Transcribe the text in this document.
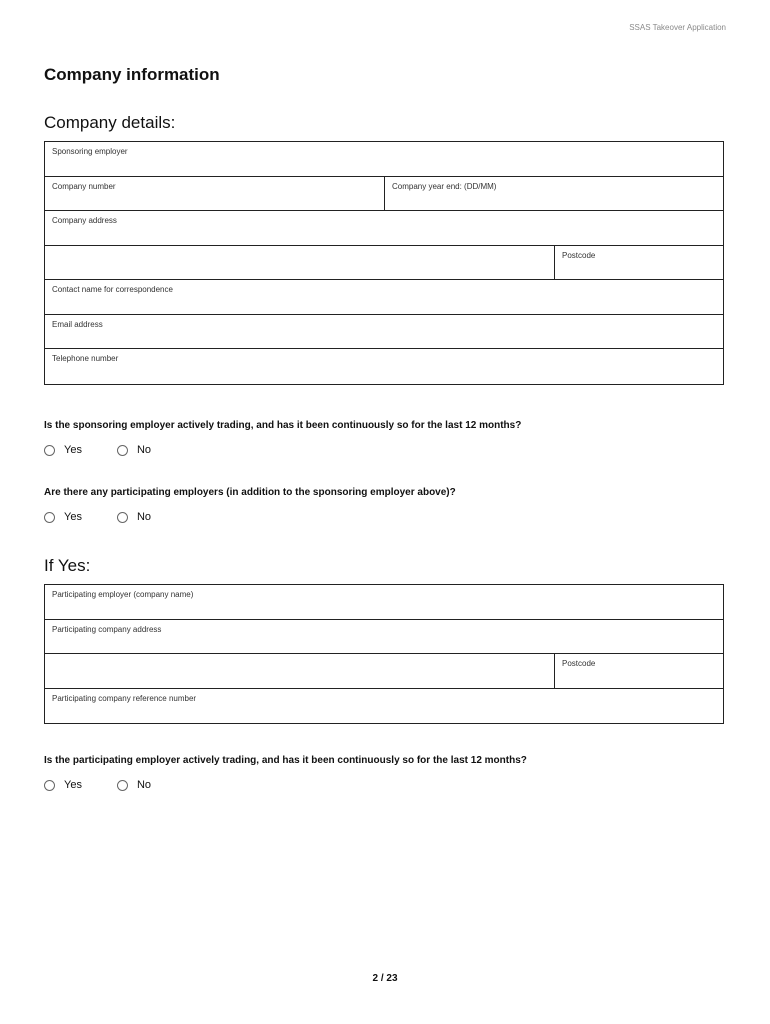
SSAS Takeover Application
Company information
Company details:
Sponsoring employer
Company number	Company year end: (DD/MM)
Company address
Postcode
Contact name for correspondence
Email address
Telephone number

Is the sponsoring employer actively trading, and has it been continuously so for the last 12 months?

Yes	No

Are there any participating employers (in addition to the sponsoring employer above)?

Yes	No
If Yes:
Participating employer (company name)
Participating company address
Postcode
Participating company reference number

Is the participating employer actively trading, and has it been continuously so for the last 12 months?

Yes	No
2 / 23
